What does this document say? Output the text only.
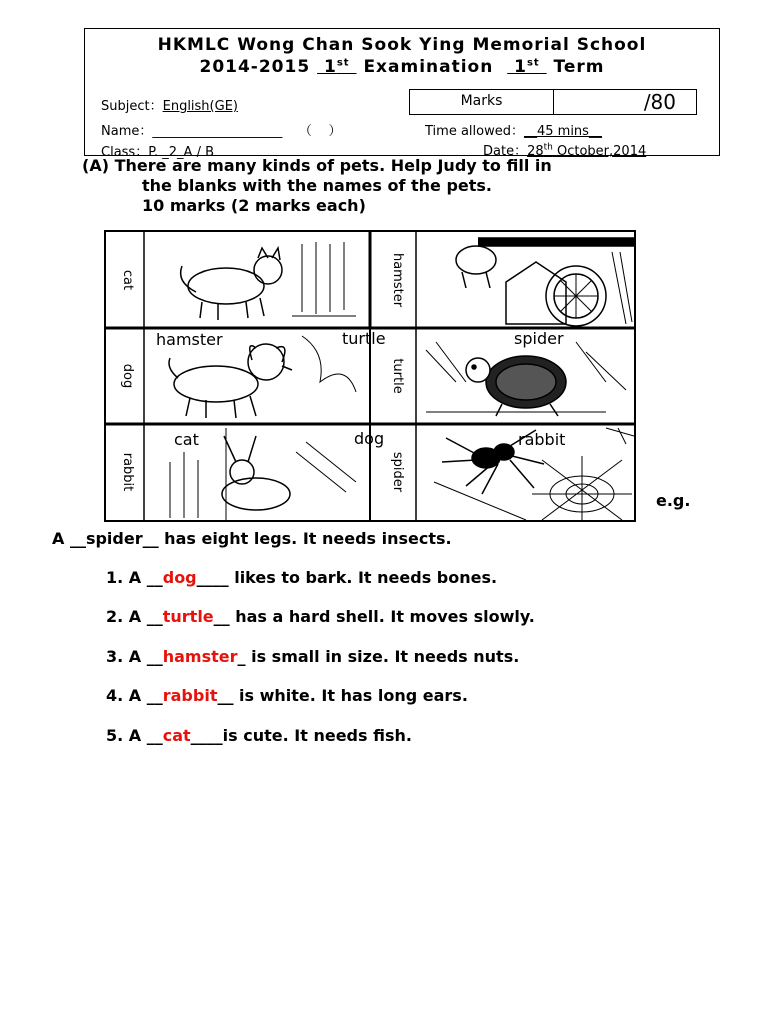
HKMLC Wong Chan Sook Ying Memorial School
2014-2015 1st Examination 1st Term
Subject：English(GE)	Marks	/80
Name：____________________ （ ）	Time allowed：__45 mins__
Class：P. _2_A / B	Date：28th October,2014
(A) There are many kinds of pets. Help Judy to fill in
the blanks with the names of the pets.
10 marks (2 marks each)
cat	hamster
dog	turtle
rabbit	spider
hamster	turtle	spider
cat	dog	rabbit
e.g.
A __spider__ has eight legs. It needs insects.
1. A __dog____ likes to bark. It needs bones.
2. A __turtle__ has a hard shell. It moves slowly.
3. A __hamster_ is small in size. It needs nuts.
4. A __rabbit__ is white. It has long ears.
5. A __cat____is cute. It needs fish.
